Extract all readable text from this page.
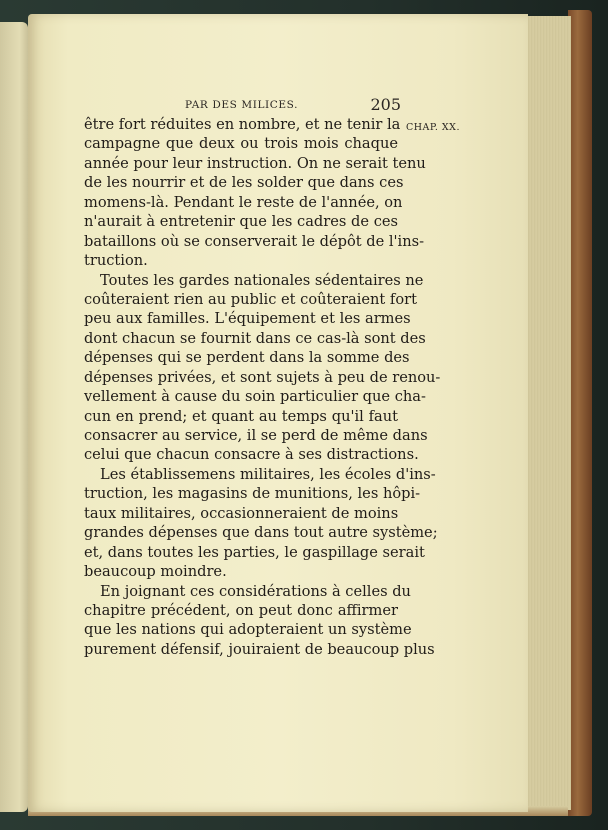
PAR DES MILICES.	205
CHAP. XX.
être fort réduites en nombre, et ne tenir la
campagne que deux ou trois mois chaque
année pour leur instruction. On ne serait tenu
de les nourrir et de les solder que dans ces
momens-là. Pendant le reste de l'année, on
n'aurait à entretenir que les cadres de ces
bataillons où se conserverait le dépôt de l'ins-
truction.
Toutes les gardes nationales sédentaires ne
coûteraient rien au public et coûteraient fort
peu aux familles. L'équipement et les armes
dont chacun se fournit dans ce cas-là sont des
dépenses qui se perdent dans la somme des
dépenses privées, et sont sujets à peu de renou-
vellement à cause du soin particulier que cha-
cun en prend; et quant au temps qu'il faut
consacrer au service, il se perd de même dans
celui que chacun consacre à ses distractions.
Les établissemens militaires, les écoles d'ins-
truction, les magasins de munitions, les hôpi-
taux militaires, occasionneraient de moins
grandes dépenses que dans tout autre système;
et, dans toutes les parties, le gaspillage serait
beaucoup moindre.
En joignant ces considérations à celles du
chapitre précédent, on peut donc affirmer
que les nations qui adopteraient un système
purement défensif, jouiraient de beaucoup plus
